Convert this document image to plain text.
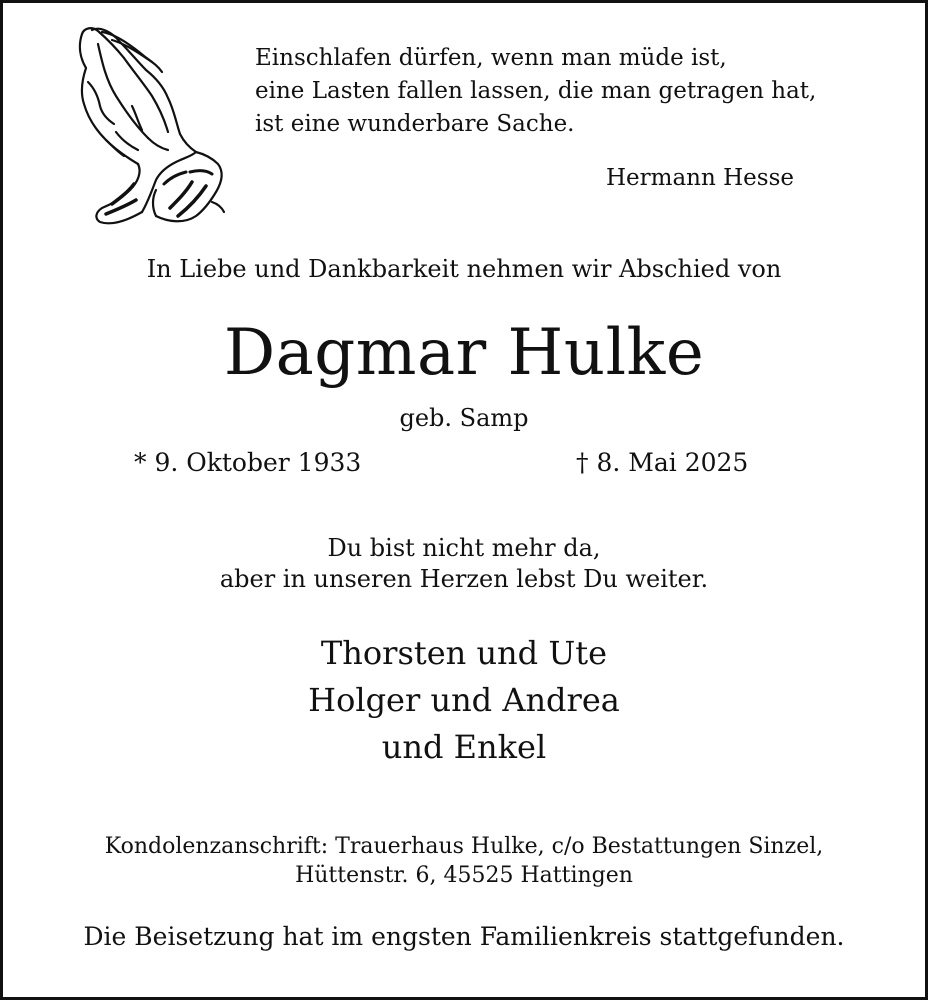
Einschlafen dürfen, wenn man müde ist,
eine Lasten fallen lassen, die man getragen hat,
ist eine wunderbare Sache.
Hermann Hesse
In Liebe und Dankbarkeit nehmen wir Abschied von
Dagmar Hulke
geb. Samp
* 9. Oktober 1933	† 8. Mai 2025
Du bist nicht mehr da,
aber in unseren Herzen lebst Du weiter.
Thorsten und Ute
Holger und Andrea
und Enkel
Kondolenzanschrift: Trauerhaus Hulke, c/o Bestattungen Sinzel,
Hüttenstr. 6, 45525 Hattingen
Die Beisetzung hat im engsten Familienkreis stattgefunden.
